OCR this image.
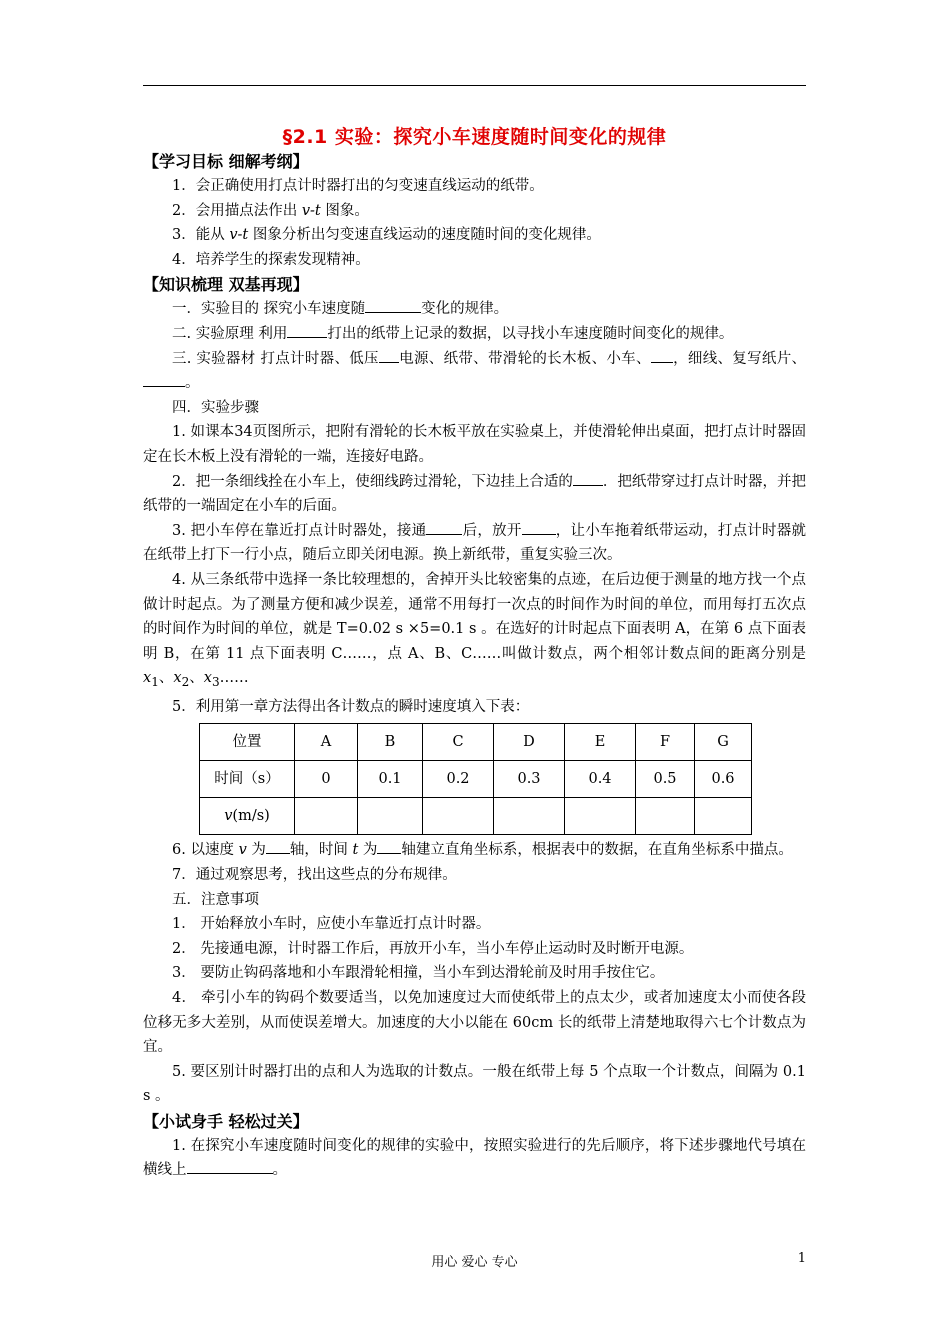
§2.1 实验：探究小车速度随时间变化的规律

【学习目标 细解考纲】

1．会正确使用打点计时器打出的匀变速直线运动的纸带。

2．会用描点法作出 v-t 图象。

3．能从 v-t 图象分析出匀变速直线运动的速度随时间的变化规律。

4．培养学生的探索发现精神。

【知识梳理 双基再现】

一．实验目的 探究小车速度随	变化的规律。

二. 实验原理 利用	打出的纸带上记录的数据，以寻找小车速度随时间变化的规律。

三. 实验器材 打点计时器、低压 电源、纸带、带滑轮的长木板、小车、 ，细线、复写纸片、。

四．实验步骤

1. 如课本34页图所示，把附有滑轮的长木板平放在实验桌上，并使滑轮伸出桌面，把打点计时器固定在长木板上没有滑轮的一端，连接好电路。

2．把一条细线拴在小车上，使细线跨过滑轮，下边挂上合适的 ．把纸带穿过打点计时器，并把纸带的一端固定在小车的后面。

3. 把小车停在靠近打点计时器处，接通 后，放开 ，让小车拖着纸带运动，打点计时器就在纸带上打下一行小点，随后立即关闭电源。换上新纸带，重复实验三次。

4. 从三条纸带中选择一条比较理想的，舍掉开头比较密集的点迹，在后边便于测量的地方找一个点做计时起点。为了测量方便和减少误差，通常不用每打一次点的时间作为时间的单位，而用每打五次点的时间作为时间的单位，就是 T=0.02 s ×5=0.1 s 。在选好的计时起点下面表明 A，在第 6 点下面表明 B，在第 11 点下面表明 C……，点 A、B、C……叫做计数点，两个相邻计数点间的距离分别是 $x_1$、$x_2$、$x_3\dots\dots$

5．利用第一章方法得出各计数点的瞬时速度填入下表：

位置	A	B	C	D	E	F	G
时间（s）	0	0.1	0.2	0.3	0.4	0.5	0.6
v(m/s)							

6. 以速度 v 为 轴，时间 t 为 轴建立直角坐标系，根据表中的数据，在直角坐标系中描点。

7．通过观察思考，找出这些点的分布规律。

五．注意事项

1． 开始释放小车时，应使小车靠近打点计时器。

2． 先接通电源，计时器工作后，再放开小车，当小车停止运动时及时断开电源。

3． 要防止钩码落地和小车跟滑轮相撞，当小车到达滑轮前及时用手按住它。

4． 牵引小车的钩码个数要适当，以免加速度过大而使纸带上的点太少，或者加速度太小而使各段位移无多大差别，从而使误差增大。加速度的大小以能在 60cm 长的纸带上清楚地取得六七个计数点为宜。

5. 要区别计时器打出的点和人为选取的计数点。一般在纸带上每 5 个点取一个计数点，间隔为 0.1 s 。

【小试身手 轻松过关】

1. 在探究小车速度随时间变化的规律的实验中，按照实验进行的先后顺序，将下述步骤地代号填在横线上	。

用心 爱心 专心	1
